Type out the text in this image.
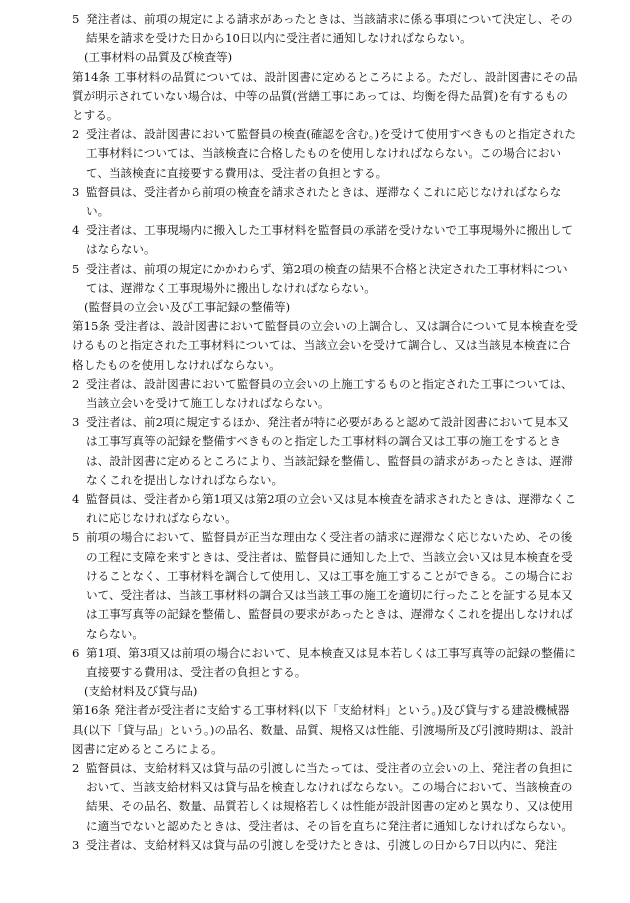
5 発注者は、前項の規定による請求があったときは、当該請求に係る事項について決定し、その結果を請求を受けた日から10日以内に受注者に通知しなければならない。

(工事材料の品質及び検査等)

第14条 工事材料の品質については、設計図書に定めるところによる。ただし、設計図書にその品質が明示されていない場合は、中等の品質(営繕工事にあっては、均衡を得た品質)を有するものとする。

2 受注者は、設計図書において監督員の検査(確認を含む。)を受けて使用すべきものと指定された工事材料については、当該検査に合格したものを使用しなければならない。この場合において、当該検査に直接要する費用は、受注者の負担とする。

3 監督員は、受注者から前項の検査を請求されたときは、遅滞なくこれに応じなければならない。

4 受注者は、工事現場内に搬入した工事材料を監督員の承諾を受けないで工事現場外に搬出してはならない。

5 受注者は、前項の規定にかかわらず、第2項の検査の結果不合格と決定された工事材料については、遅滞なく工事現場外に搬出しなければならない。

(監督員の立会い及び工事記録の整備等)

第15条 受注者は、設計図書において監督員の立会いの上調合し、又は調合について見本検査を受けるものと指定された工事材料については、当該立会いを受けて調合し、又は当該見本検査に合格したものを使用しなければならない。

2 受注者は、設計図書において監督員の立会いの上施工するものと指定された工事については、当該立会いを受けて施工しなければならない。

3 受注者は、前2項に規定するほか、発注者が特に必要があると認めて設計図書において見本又は工事写真等の記録を整備すべきものと指定した工事材料の調合又は工事の施工をするときは、設計図書に定めるところにより、当該記録を整備し、監督員の請求があったときは、遅滞なくこれを提出しなければならない。

4 監督員は、受注者から第1項又は第2項の立会い又は見本検査を請求されたときは、遅滞なくこれに応じなければならない。

5 前項の場合において、監督員が正当な理由なく受注者の請求に遅滞なく応じないため、その後の工程に支障を来すときは、受注者は、監督員に通知した上で、当該立会い又は見本検査を受けることなく、工事材料を調合して使用し、又は工事を施工することができる。この場合において、受注者は、当該工事材料の調合又は当該工事の施工を適切に行ったことを証する見本又は工事写真等の記録を整備し、監督員の要求があったときは、遅滞なくこれを提出しなければならない。

6 第1項、第3項又は前項の場合において、見本検査又は見本若しくは工事写真等の記録の整備に直接要する費用は、受注者の負担とする。

(支給材料及び貸与品)

第16条 発注者が受注者に支給する工事材料(以下「支給材料」という。)及び貸与する建設機械器具(以下「貸与品」という。)の品名、数量、品質、規格又は性能、引渡場所及び引渡時期は、設計図書に定めるところによる。

2 監督員は、支給材料又は貸与品の引渡しに当たっては、受注者の立会いの上、発注者の負担において、当該支給材料又は貸与品を検査しなければならない。この場合において、当該検査の結果、その品名、数量、品質若しくは規格若しくは性能が設計図書の定めと異なり、又は使用に適当でないと認めたときは、受注者は、その旨を直ちに発注者に通知しなければならない。

3 受注者は、支給材料又は貸与品の引渡しを受けたときは、引渡しの日から7日以内に、発注
